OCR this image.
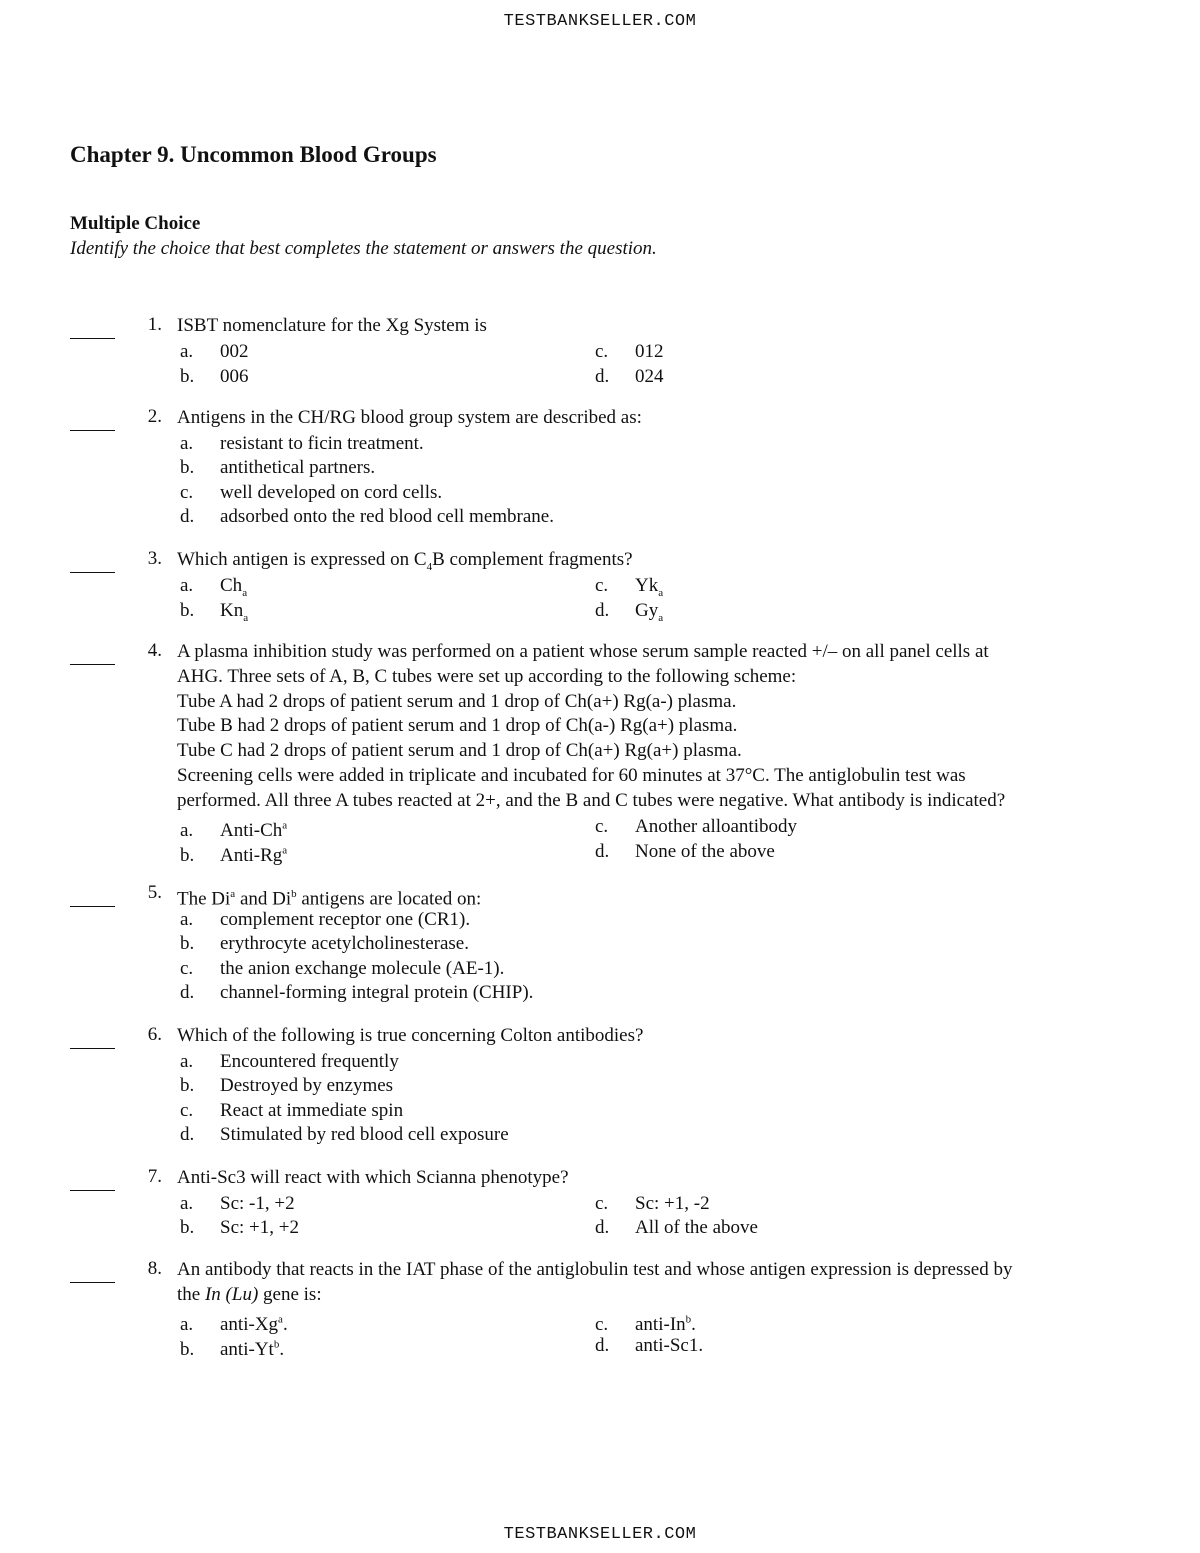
TESTBANKSELLER.COM
Chapter 9. Uncommon Blood Groups
Multiple Choice
Identify the choice that best completes the statement or answers the question.
1. ISBT nomenclature for the Xg System is
a. 002
b. 006
c. 012
d. 024
2. Antigens in the CH/RG blood group system are described as:
a. resistant to ficin treatment.
b. antithetical partners.
c. well developed on cord cells.
d. adsorbed onto the red blood cell membrane.
3. Which antigen is expressed on $C_4B$ complement fragments?
a. $Ch_a$
b. $Kn_a$
c. $Yk_a$
d. $Gy_a$
4. A plasma inhibition study was performed on a patient whose serum sample reacted +/– on all panel cells at
AHG. Three sets of A, B, C tubes were set up according to the following scheme:
Tube A had 2 drops of patient serum and 1 drop of Ch(a+) Rg(a-) plasma.
Tube B had 2 drops of patient serum and 1 drop of Ch(a-) Rg(a+) plasma.
Tube C had 2 drops of patient serum and 1 drop of Ch(a+) Rg(a+) plasma.
Screening cells were added in triplicate and incubated for 60 minutes at 37°C. The antiglobulin test was
performed. All three A tubes reacted at 2+, and the B and C tubes were negative. What antibody is indicated?
a. Anti-Ch$^a$
b. Anti-Rg$^a$
c. Another alloantibody
d. None of the above
5. The Di$^a$ and Di$^b$ antigens are located on:
a. complement receptor one (CR1).
b. erythrocyte acetylcholinesterase.
c. the anion exchange molecule (AE-1).
d. channel-forming integral protein (CHIP).
6. Which of the following is true concerning Colton antibodies?
a. Encountered frequently
b. Destroyed by enzymes
c. React at immediate spin
d. Stimulated by red blood cell exposure
7. Anti-Sc3 will react with which Scianna phenotype?
a. Sc: -1, +2
b. Sc: +1, +2
c. Sc: +1, -2
d. All of the above
8. An antibody that reacts in the IAT phase of the antiglobulin test and whose antigen expression is depressed by
the In (Lu) gene is:
a. anti-Xg$^a$.
b. anti-Yt$^b$.
c. anti-In$^b$.
d. anti-Sc1.
TESTBANKSELLER.COM
